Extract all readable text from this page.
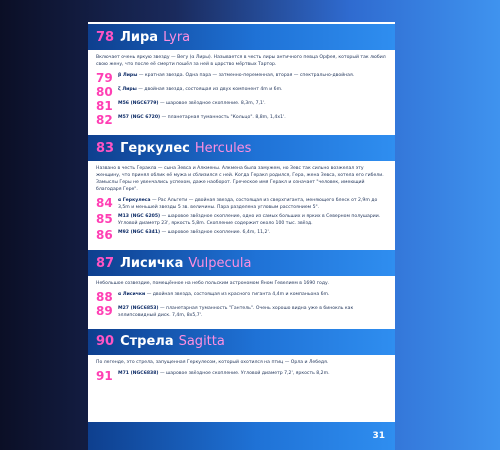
78 Лира Lyra

Включает очень яркую звезду — Вегу (α Лиры). Называется в честь лиры античного певца Орфея, который так любил свою жену, что после её смерти пошёл за ней в царство мёртвых Тартор.

79	β Лиры — кратная звезда. Одна пара — затменно-переменная, вторая — спектрально-двойная.
80	ζ Лиры — двойная звезда, состоящая из двух компонент 4m и 6m.
81	М56 (NGC6779) — шаровое звёздное скопление. 8,3m, 7,1'.
82	М57 (NGC 6720) — планетарная туманность "Кольцо". 8,8m, 1,4x1'.
83 Геркулес Hercules

Названо в честь Геракла — сына Зевса и Алкмены. Алкмена была замужем, но Зевс так сильно возжелал эту женщину, что принял облик её мужа и сблизился с ней. Когда Геракл родился, Гера, жена Зевса, хотела его гибели. Замыслы Геры не увенчались успехом, даже наоборот. Греческое имя Геракл и означает "человек, имеющий благодаря Гере".

84	α Геркулеса — Рас Альгети — двойная звезда, состоящая из сверхгиганта, меняющего блеск от 2,9m до 3,5m и меньшей звезды 5 зв. величины. Пара разделена угловым расстоянием 5".
85	М13 (NGC 6205) — шаровое звёздное скопление, одно из самых больших и ярких в Северном полушарии. Угловой диаметр 23', яркость 5,8m. Скопление содержит около 100 тыс. звёзд.
86	М92 (NGC 6341) — шаровое звёздное скопление. 6,4m, 11,2'.
87 Лисичка Vulpecula

Небольшое созвездие, помещённое на небо польским астрономом Яном Гевелием в 1690 году.

88	α Лисички — двойная звезда, состоящая из красного гиганта 4,4m и компаньона 6m.
89	М27 (NGC6853) — планетарная туманность "Гантель". Очень хорошо видна уже в бинокль как эллипсовидный диск. 7,4m, 8x5,7'.
90 Стрела Sagitta

По легенде, это стрела, запущенная Геркулесом, который охотился на птиц — Орла и Лебедя.

91	М71 (NGC6838) — шаровое звёздное скопление. Угловой диаметр 7,2', яркость 8,2m.
31
